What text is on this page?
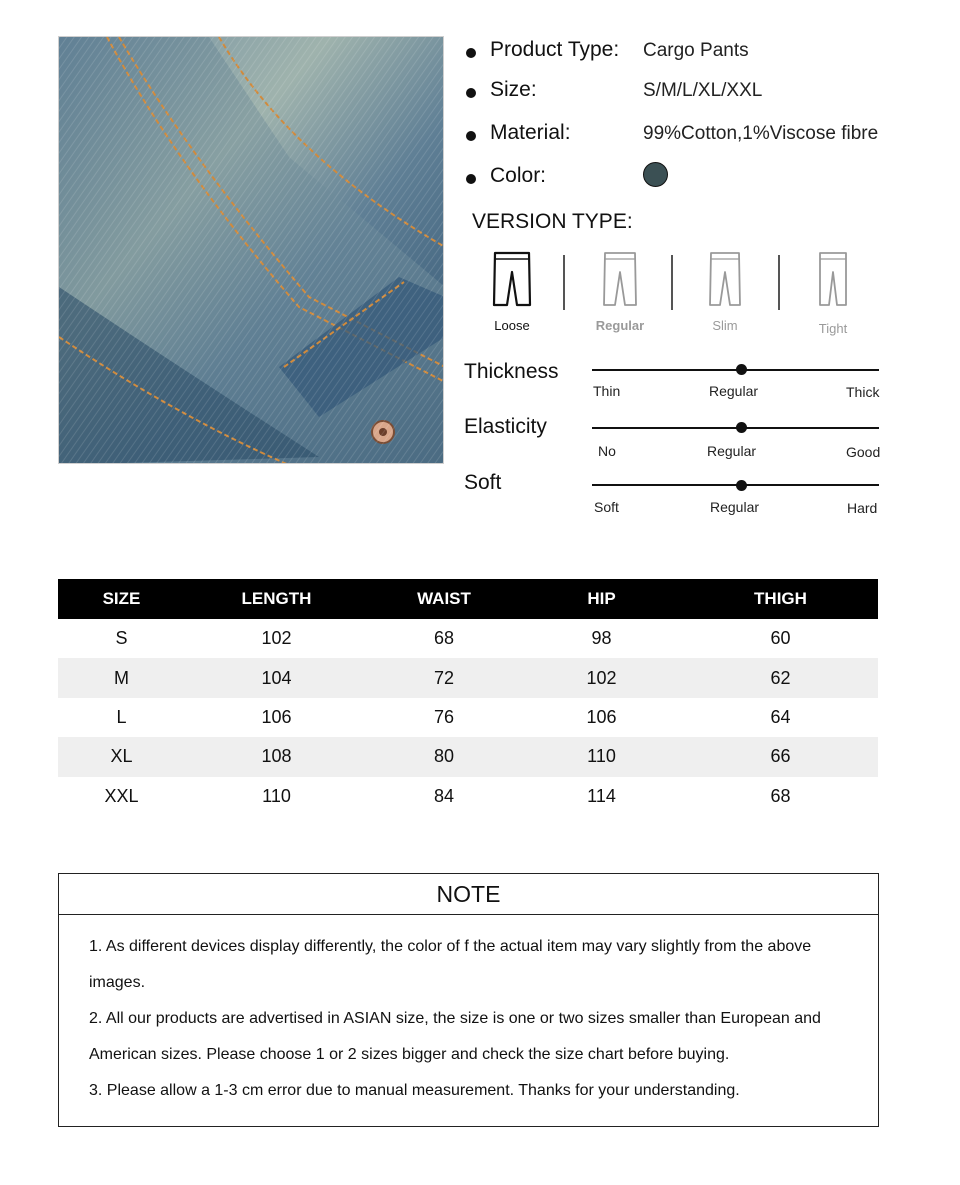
Product Type: Cargo Pants
Size:	S/M/L/XL/XXL
Material:	99%Cotton,1%Viscose fibre
Color:
VERSION TYPE:
Loose	Regular	Slim	Tight
Thickness
Thin	Regular	Thick
Elasticity
No	Regular	Good
Soft
Soft	Regular	Hard
SIZE	LENGTH	WAIST	HIP	THIGH
S	102	68	98	60
M	104	72	102	62
L	106	76	106	64
XL	108	80	110	66
XXL	110	84	114	68
NOTE

1. As different devices display differently, the color of f the actual item may vary slightly from the above images.

2. All our products are advertised in ASIAN size, the size is one or two sizes smaller than European and American sizes. Please choose 1 or 2 sizes bigger and check the size chart before buying.

3. Please allow a 1-3 cm error due to manual measurement. Thanks for your understanding.
